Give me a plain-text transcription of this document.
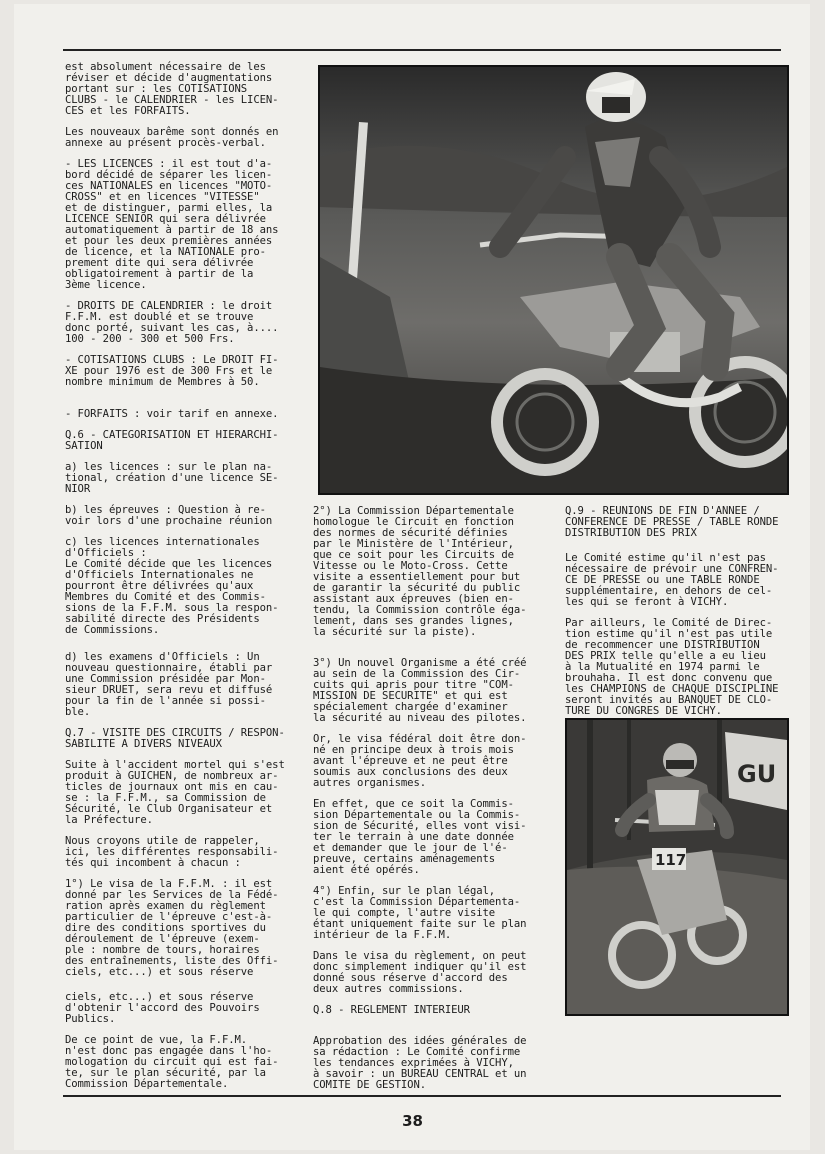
GU
117

est absolument nécessaire de les
réviser et décide d'augmentations
portant sur : les COTISATIONS
CLUBS - le CALENDRIER - les LICEN-
CES et les FORFAITS.

Les nouveaux barême sont donnés en
annexe au présent procès-verbal.

- LES LICENCES : il est tout d'a-
bord décidé de séparer les licen-
ces NATIONALES en licences "MOTO-
CROSS" et en licences "VITESSE"
et de distinguer, parmi elles, la
LICENCE SENIOR qui sera délivrée
automatiquement à partir de 18 ans
et pour les deux premières années
de licence, et la NATIONALE pro-
prement dite qui sera délivrée
obligatoirement à partir de la
3ème licence.

- DROITS DE CALENDRIER : le droit
F.F.M. est doublé et se trouve
donc porté, suivant les cas, à....
100 - 200 - 300 et 500 Frs.

- COTISATIONS CLUBS : Le DROIT FI-
XE pour 1976 est de 300 Frs et le
nombre minimum de Membres à 50.

- FORFAITS : voir tarif en annexe.

Q.6 - CATEGORISATION ET HIERARCHI-
SATION

a) les licences : sur le plan na-
tional, création d'une licence SE-
NIOR

b) les épreuves : Question à re-
voir lors d'une prochaine réunion

c) les licences internationales
d'Officiels :
Le Comité décide que les licences
d'Officiels Internationales ne
pourront être délivrées qu'aux
Membres du Comité et des Commis-
sions de la F.F.M. sous la respon-
sabilité directe des Présidents
de Commissions.

d) les examens d'Officiels : Un
nouveau questionnaire, établi par
une Commission présidée par Mon-
sieur DRUET, sera revu et diffusé
pour la fin de l'année si possi-
ble.

Q.7 - VISITE DES CIRCUITS / RESPON-
SABILITE A DIVERS NIVEAUX

Suite à l'accident mortel qui s'est
produit à GUICHEN, de nombreux ar-
ticles de journaux ont mis en cau-
se : la F.F.M., sa Commission de
Sécurité, le Club Organisateur et
la Préfecture.

Nous croyons utile de rappeler,
ici, les différentes responsabili-
tés qui incombent à chacun :

1°) Le visa de la F.F.M. : il est
donné par les Services de la Fédé-
ration après examen du règlement
particulier de l'épreuve c'est-à-
dire des conditions sportives du
déroulement de l'épreuve (exem-
ple : nombre de tours, horaires
des entraînements, liste des Offi-
ciels, etc...) et sous réserve

ciels, etc...) et sous réserve
d'obtenir l'accord des Pouvoirs
Publics.

De ce point de vue, la F.F.M.
n'est donc pas engagée dans l'ho-
mologation du circuit qui est fai-
te, sur le plan sécurité, par la
Commission Départementale.

2°) La Commission Départementale
homologue le Circuit en fonction
des normes de sécurité définies
par le Ministère de l'Intérieur,
que ce soit pour les Circuits de
Vitesse ou le Moto-Cross. Cette
visite a essentiellement pour but
de garantir la sécurité du public
assistant aux épreuves (bien en-
tendu, la Commission contrôle éga-
lement, dans ses grandes lignes,
la sécurité sur la piste).

3°) Un nouvel Organisme a été créé
au sein de la Commission des Cir-
cuits qui apris pour titre "COM-
MISSION DE SECURITE" et qui est
spécialement chargée d'examiner
la sécurité au niveau des pilotes.

Or, le visa fédéral doit être don-
né en principe deux à trois mois
avant l'épreuve et ne peut être
soumis aux conclusions des deux
autres organismes.

En effet, que ce soit la Commis-
sion Départementale ou la Commis-
sion de Sécurité, elles vont visi-
ter le terrain à une date donnée
et demander que le jour de l'é-
preuve, certains aménagements
aient été opérés.

4°) Enfin, sur le plan légal,
c'est la Commission Départementa-
le qui compte, l'autre visite
étant uniquement faite sur le plan
intérieur de la F.F.M.

Dans le visa du règlement, on peut
donc simplement indiquer qu'il est
donné sous réserve d'accord des
deux autres commissions.

Q.8 - REGLEMENT INTERIEUR

Approbation des idées générales de
sa rédaction : Le Comité confirme
les tendances exprimées à VICHY,
à savoir : un BUREAU CENTRAL et un
COMITE DE GESTION.

Q.9 - REUNIONS DE FIN D'ANNEE /
CONFERENCE DE PRESSE / TABLE RONDE
DISTRIBUTION DES PRIX

Le Comité estime qu'il n'est pas
nécessaire de prévoir une CONFREN-
CE DE PRESSE ou une TABLE RONDE
supplémentaire, en dehors de cel-
les qui se feront à VICHY.

Par ailleurs, le Comité de Direc-
tion estime qu'il n'est pas utile
de recommencer une DISTRIBUTION
DES PRIX telle qu'elle a eu lieu
à la Mutualité en 1974 parmi le
brouhaha. Il est donc convenu que
les CHAMPIONS de CHAQUE DISCIPLINE
seront invités au BANQUET DE CLO-
TURE DU CONGRES DE VICHY.

38
